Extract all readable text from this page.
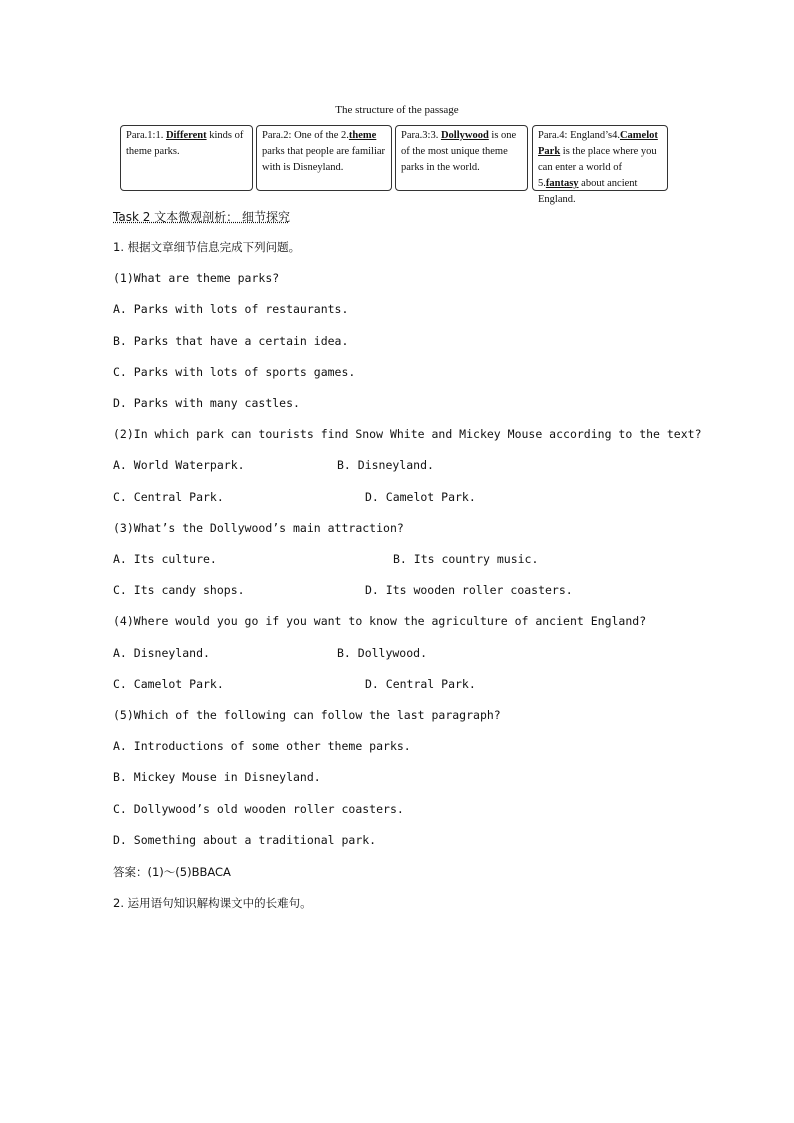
The structure of the passage
Para.1:1. Different kinds of theme parks.
Para.2: One of the 2.theme parks that people are familiar with is Disneyland.
Para.3:3. Dollywood is one of the most unique theme parks in the world.
Para.4: England’s4.Camelot Park is the place where you can enter a world of 5.fantasy about ancient England.
Task 2 文本微观剖析： 细节探究
1. 根据文章细节信息完成下列问题。
(1)What are theme parks?
A. Parks with lots of restaurants.
B. Parks that have a certain idea.
C. Parks with lots of sports games.
D. Parks with many castles.
(2)In which park can tourists find Snow White and Mickey Mouse according to the text?
A. World Waterpark.	B. Disneyland.
C. Central Park.	D. Camelot Park.
(3)What’s the Dollywood’s main attraction?
A. Its culture.	B. Its country music.
C. Its candy shops.	D. Its wooden roller coasters.
(4)Where would you go if you want to know the agriculture of ancient England?
A. Disneyland.	B. Dollywood.
C. Camelot Park.	D. Central Park.
(5)Which of the following can follow the last paragraph?
A. Introductions of some other theme parks.
B. Mickey Mouse in Disneyland.
C. Dollywood’s old wooden roller coasters.
D. Something about a traditional park.
答案：(1)～(5)BBACA
2. 运用语句知识解构课文中的长难句。
